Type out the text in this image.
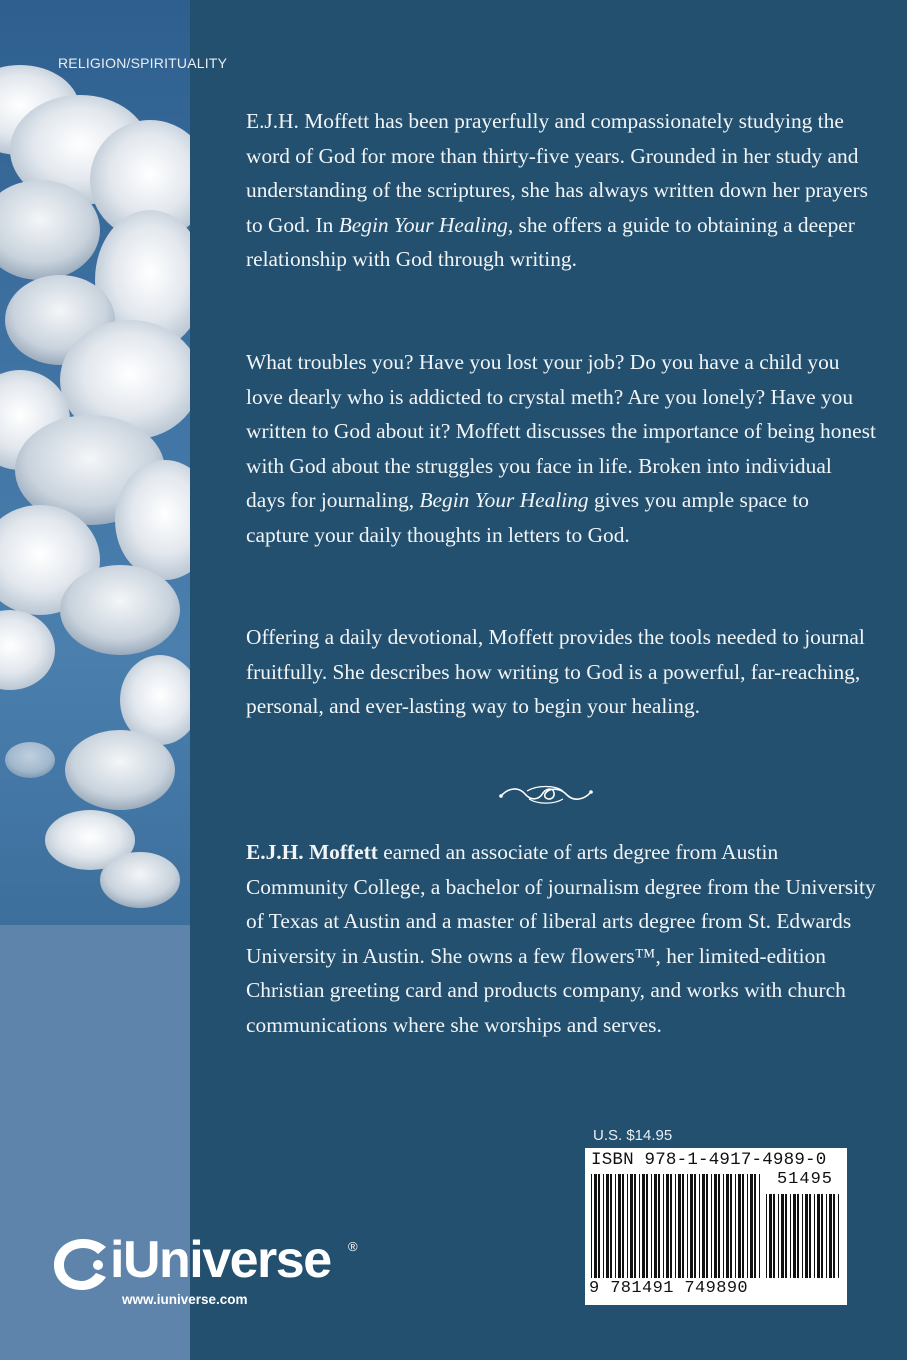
RELIGION/SPIRITUALITY

E.J.H. Moffett has been prayerfully and compassionately studying the word of God for more than thirty-five years. Grounded in her study and understanding of the scriptures, she has always written down her prayers to God. In Begin Your Healing, she offers a guide to obtaining a deeper relationship with God through writing.

What troubles you? Have you lost your job? Do you have a child you love dearly who is addicted to crystal meth? Are you lonely? Have you written to God about it? Moffett discusses the importance of being honest with God about the struggles you face in life. Broken into individual days for journaling, Begin Your Healing gives you ample space to capture your daily thoughts in letters to God.

Offering a daily devotional, Moffett provides the tools needed to journal fruitfully. She describes how writing to God is a powerful, far-reaching, personal, and ever-lasting way to begin your healing.

E.J.H. Moffett earned an associate of arts degree from Austin Community College, a bachelor of journalism degree from the University of Texas at Austin and a master of liberal arts degree from St. Edwards University in Austin. She owns a few flowers™, her limited-edition Christian greeting card and products company, and works with church communications where she worships and serves.

U.S. $14.95
ISBN 978-1-4917-4989-0
51495
9 781491 749890
iUniverse ®
www.iuniverse.com
